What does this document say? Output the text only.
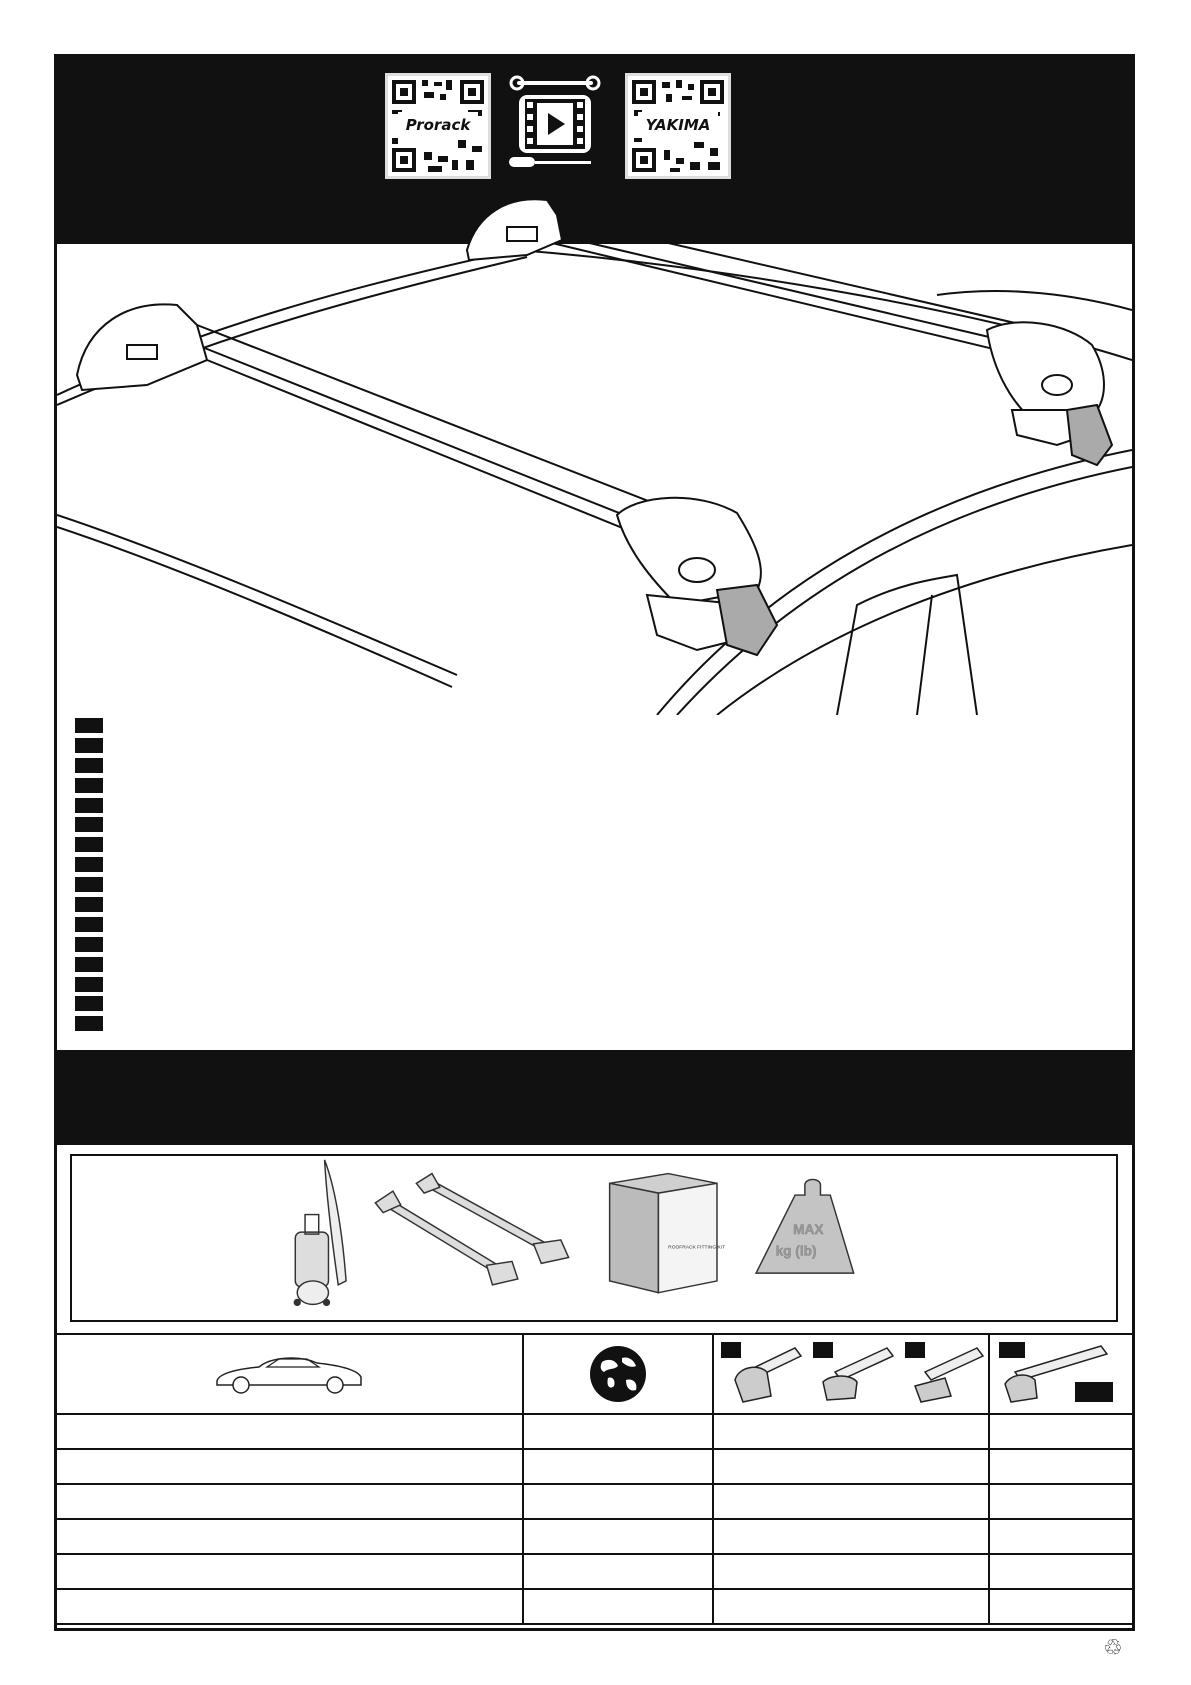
Prorack	YAKIMA
ROOFRACK FITTING KIT
MAX
kg (lb)

♲
